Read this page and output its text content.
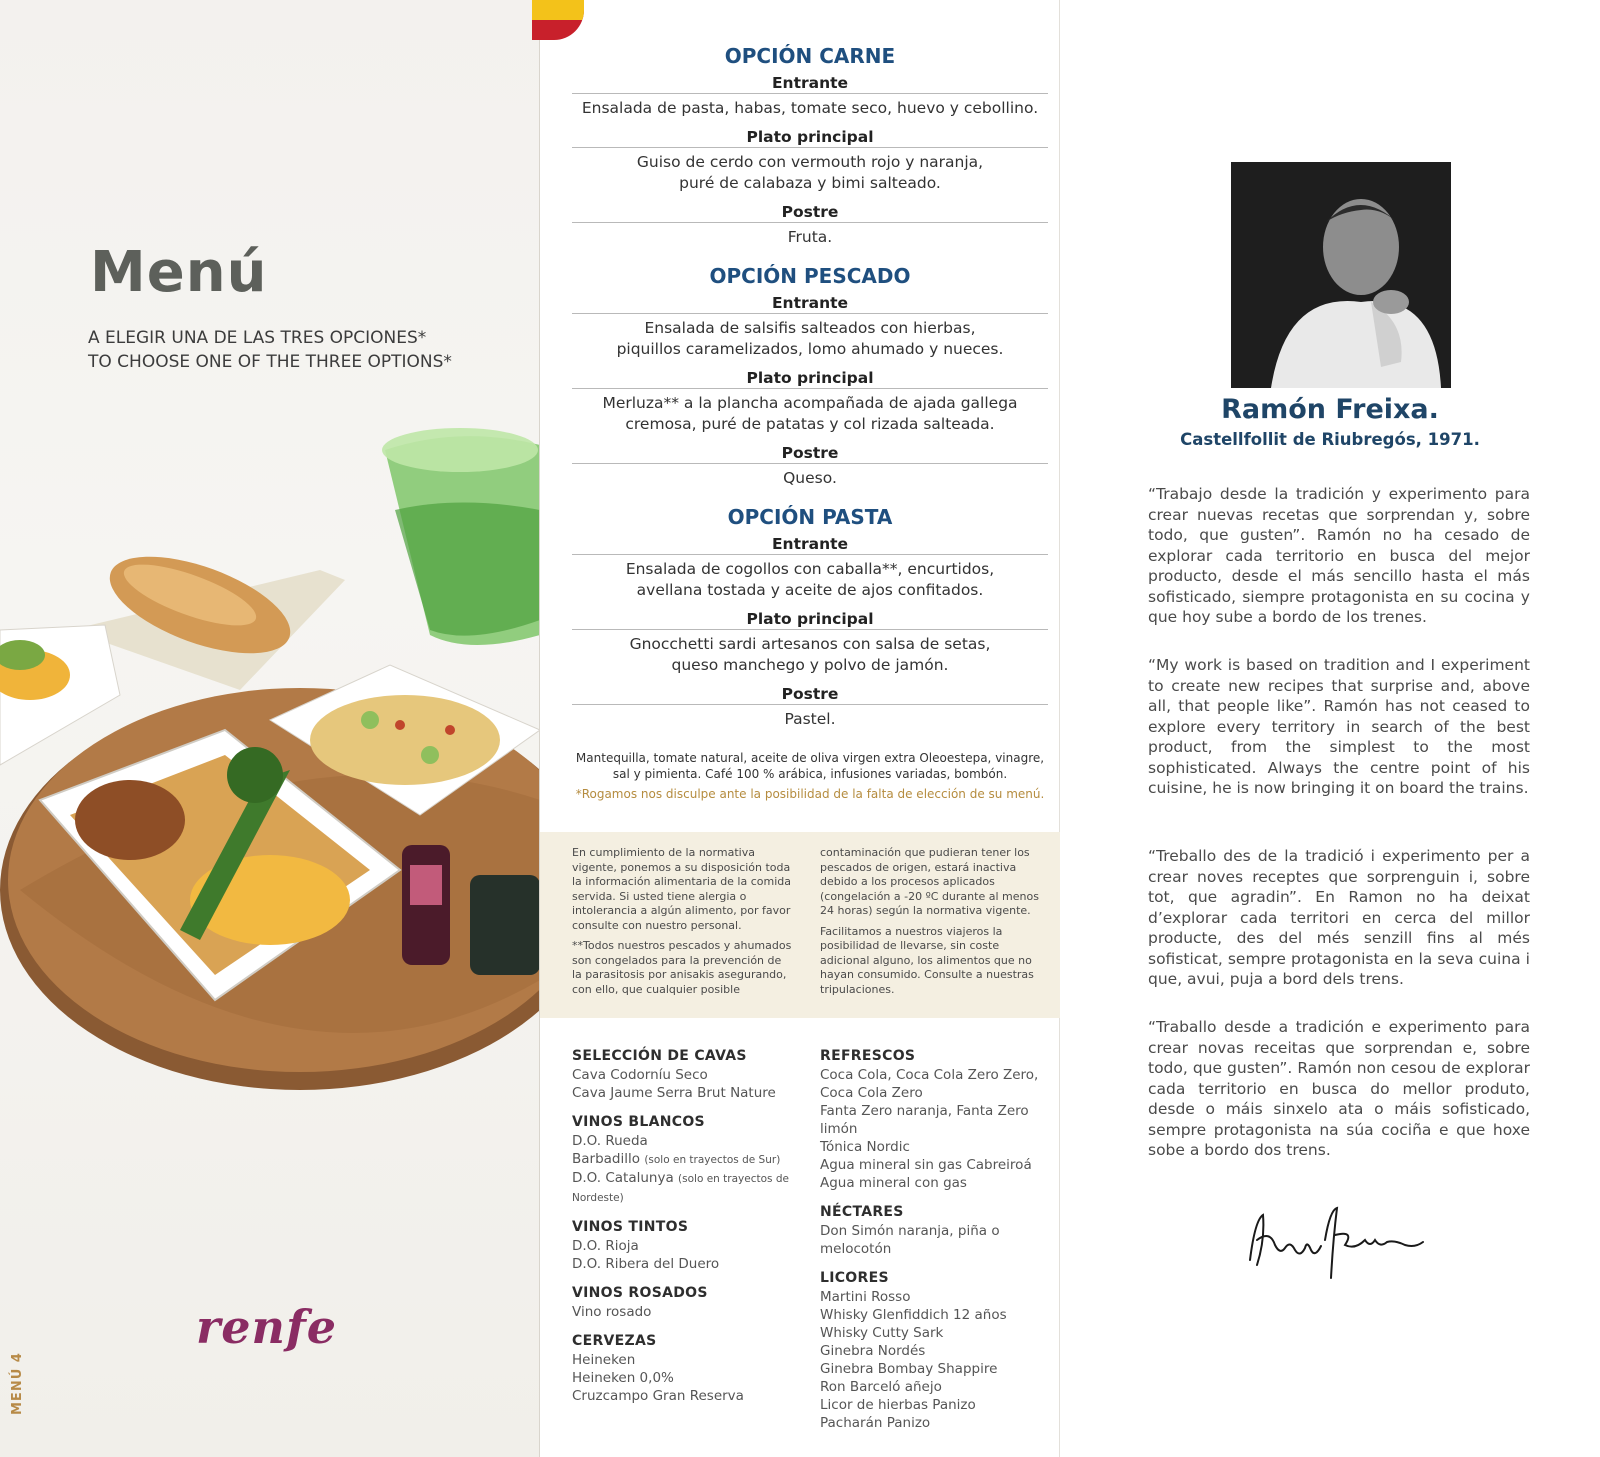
Menú
A ELEGIR UNA DE LAS TRES OPCIONES*
TO CHOOSE ONE OF THE THREE OPTIONS*
renfe
MENÚ 4
OPCIÓN CARNE
Entrante
Ensalada de pasta, habas, tomate seco, huevo y cebollino.
Plato principal
Guiso de cerdo con vermouth rojo y naranja, puré de calabaza y bimi salteado.
Postre
Fruta.
OPCIÓN PESCADO
Entrante
Ensalada de salsifis salteados con hierbas, piquillos caramelizados, lomo ahumado y nueces.
Plato principal
Merluza** a la plancha acompañada de ajada gallega cremosa, puré de patatas y col rizada salteada.
Postre
Queso.
OPCIÓN PASTA
Entrante
Ensalada de cogollos con caballa**, encurtidos, avellana tostada y aceite de ajos confitados.
Plato principal
Gnocchetti sardi artesanos con salsa de setas, queso manchego y polvo de jamón.
Postre
Pastel.
Mantequilla, tomate natural, aceite de oliva virgen extra Oleoestepa, vinagre, sal y pimienta. Café 100 % arábica, infusiones variadas, bombón.
*Rogamos nos disculpe ante la posibilidad de la falta de elección de su menú.

En cumplimiento de la normativa vigente, ponemos a su disposición toda la información alimentaria de la comida servida. Si usted tiene alergia o intolerancia a algún alimento, por favor consulte con nuestro personal.

**Todos nuestros pescados y ahumados son congelados para la prevención de la parasitosis por anisakis asegurando, con ello, que cualquier posible

contaminación que pudieran tener los pescados de origen, estará inactiva debido a los procesos aplicados (congelación a -20 ºC durante al menos 24 horas) según la normativa vigente.

Facilitamos a nuestros viajeros la posibilidad de llevarse, sin coste adicional alguno, los alimentos que no hayan consumido. Consulte a nuestras tripulaciones.

SELECCIÓN DE CAVAS
Cava Codorníu Seco
Cava Jaume Serra Brut Nature
VINOS BLANCOS
D.O. Rueda
Barbadillo (solo en trayectos de Sur)
D.O. Catalunya (solo en trayectos de Nordeste)
VINOS TINTOS
D.O. Rioja
D.O. Ribera del Duero
VINOS ROSADOS
Vino rosado
CERVEZAS
Heineken
Heineken 0,0%
Cruzcampo Gran Reserva
REFRESCOS
Coca Cola, Coca Cola Zero Zero,
Coca Cola Zero
Fanta Zero naranja, Fanta Zero limón
Tónica Nordic
Agua mineral sin gas Cabreiroá
Agua mineral con gas
NÉCTARES
Don Simón naranja, piña o
melocotón
LICORES
Martini Rosso
Whisky Glenfiddich 12 años
Whisky Cutty Sark
Ginebra Nordés
Ginebra Bombay Shappire
Ron Barceló añejo
Licor de hierbas Panizo
Pacharán Panizo
Ramón Freixa.
Castellfollit de Riubregós, 1971.
“Trabajo desde la tradición y experimento para crear nuevas recetas que sorprendan y, sobre todo, que gusten”. Ramón no ha cesado de explorar cada territorio en busca del mejor producto, desde el más sencillo hasta el más sofisticado, siempre protagonista en su cocina y que hoy sube a bordo de los trenes.
“My work is based on tradition and I experiment to create new recipes that surprise and, above all, that people like”. Ramón has not ceased to explore every territory in search of the best product, from the simplest to the most sophisticated. Always the centre point of his cuisine, he is now bringing it on board the trains.
“Treballo des de la tradició i experimento per a crear noves receptes que sorprenguin i, sobre tot, que agradin”. En Ramon no ha deixat d’explorar cada territori en cerca del millor producte, des del més senzill fins al més sofisticat, sempre protagonista en la seva cuina i que, avui, puja a bord dels trens.
“Traballo desde a tradición e experimento para crear novas receitas que sorprendan e, sobre todo, que gusten”. Ramón non cesou de explorar cada territorio en busca do mellor produto, desde o máis sinxelo ata o máis sofisticado, sempre protagonista na súa cociña e que hoxe sobe a bordo dos trens.
